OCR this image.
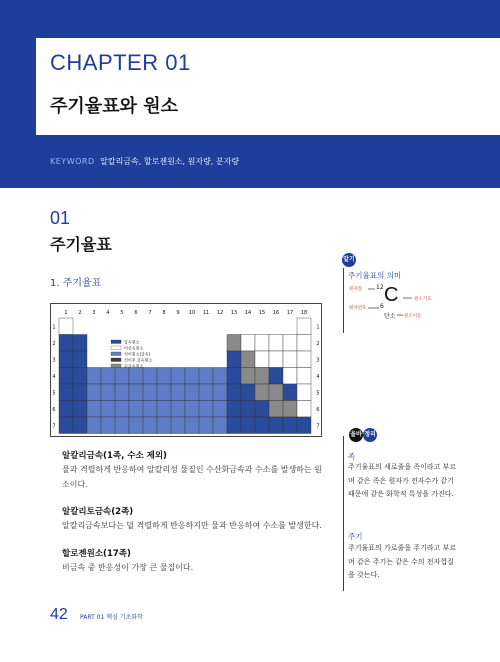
CHAPTER 01
주기율표와 원소
KEYWORD 알칼리금속, 할로젠원소, 원자량, 분자량
01
주기율표
1. 주기율표
1 2 3 4 5 6 7 8 9 10 11 12 13 14 15 16 17 18
1	1
2	2
3	3
4	4
5	5
6	6
7	7
금속원소
비금속원소
전이원소(금속)
전이후 금속원소
준금속원소
알칼리금속(1족, 수소 제외)
물과 격렬하게 반응하여 알칼리성 물질인 수산화금속과 수소를 발생하는 원소이다.
알칼리토금속(2족)
알칼리금속보다는 덜 격렬하게 반응하지만 물과 반응하여 수소를 발생한다.
할로젠원소(17족)
비금속 중 반응성이 가장 큰 물질이다.
알기
주기율표의 의미
원자량 12
원자번호 6
C	원소기호
탄소 원소이름
올바 정리
족
주기율표의 세로줄을 족이라고 부르며 같은 족은 원자가 전자수가 같기 때문에 같은 화학적 특성을 가진다.
주기
주기율표의 가로줄을 주기라고 부르며 같은 주기는 같은 수의 전자껍질을 갖는다.
42 PART 01 핵심 기초화학
